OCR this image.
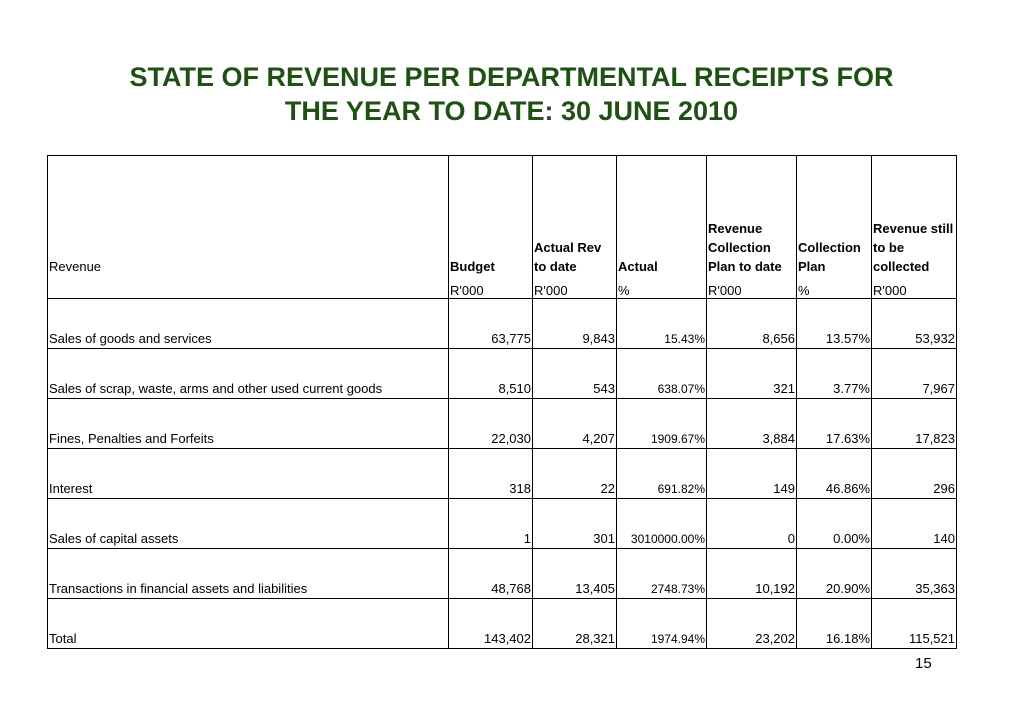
STATE OF REVENUE PER DEPARTMENTAL RECEIPTS FOR
THE YEAR TO DATE: 30 JUNE 2010
Revenue	Budget	Actual Rev to date	Actual	Revenue Collection Plan to date	Collection Plan	Revenue still to be collected
	R'000	R'000	%	R'000	%	R'000
Sales of goods and services	63,775	9,843	15.43%	8,656	13.57%	53,932
Sales of scrap, waste, arms and other used current goods	8,510	543	638.07%	321	3.77%	7,967
Fines, Penalties and Forfeits	22,030	4,207	1909.67%	3,884	17.63%	17,823
Interest	318	22	691.82%	149	46.86%	296
Sales of capital assets	1	301	3010000.00%	0	0.00%	140
Transactions in financial assets and liabilities	48,768	13,405	2748.73%	10,192	20.90%	35,363
Total	143,402	28,321	1974.94%	23,202	16.18%	115,521
15
